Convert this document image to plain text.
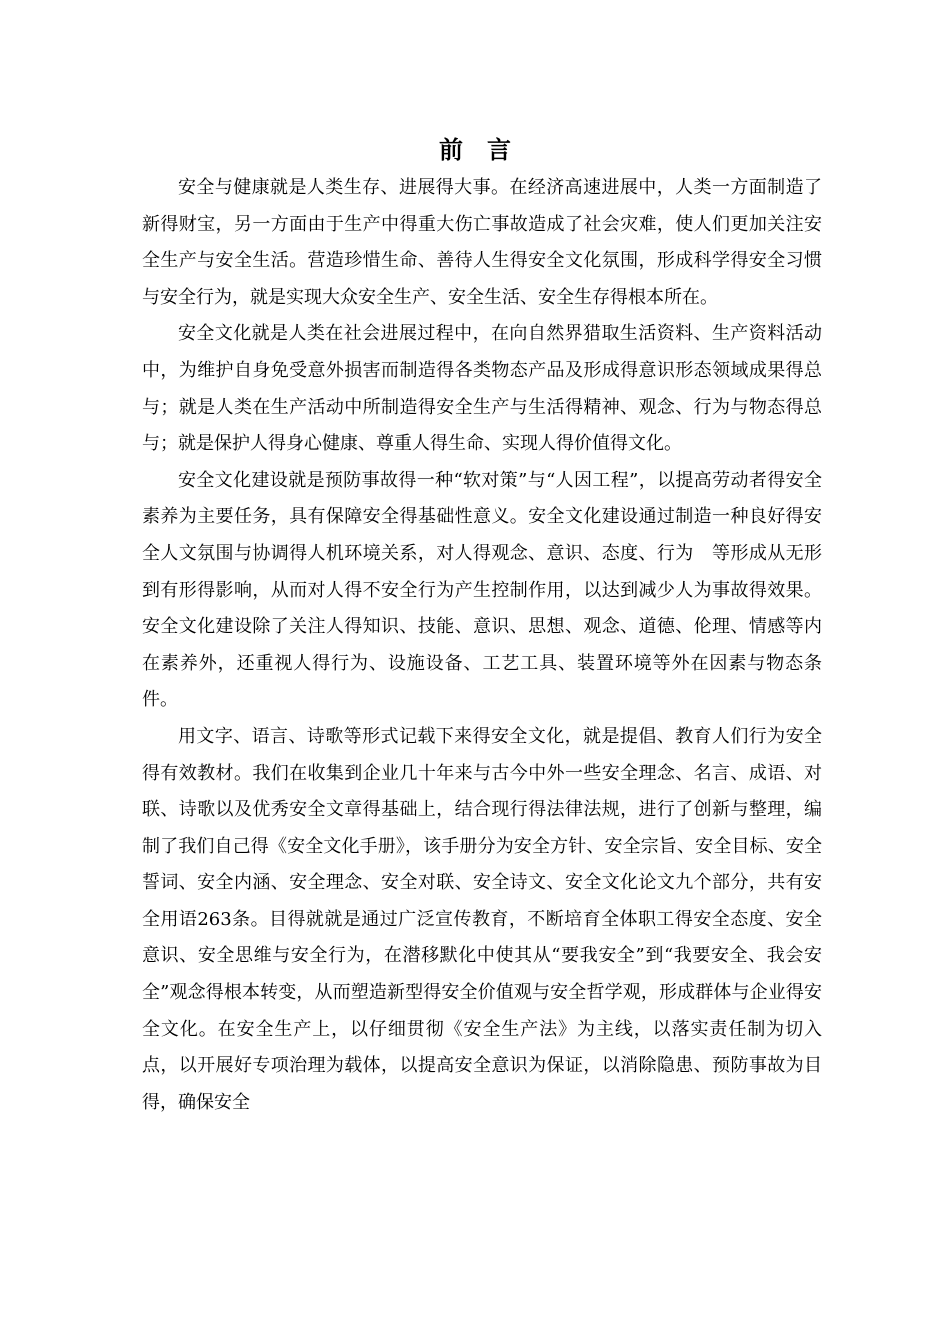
前　言

安全与健康就是人类生存、进展得大事。在经济高速进展中，人类一方面制造了新得财宝，另一方面由于生产中得重大伤亡事故造成了社会灾难，使人们更加关注安全生产与安全生活。营造珍惜生命、善待人生得安全文化氛围，形成科学得安全习惯与安全行为，就是实现大众安全生产、安全生活、安全生存得根本所在。

安全文化就是人类在社会进展过程中，在向自然界猎取生活资料、生产资料活动中，为维护自身免受意外损害而制造得各类物态产品及形成得意识形态领域成果得总与；就是人类在生产活动中所制造得安全生产与生活得精神、观念、行为与物态得总与；就是保护人得身心健康、尊重人得生命、实现人得价值得文化。

安全文化建设就是预防事故得一种“软对策”与“人因工程”，以提高劳动者得安全素养为主要任务，具有保障安全得基础性意义。安全文化建设通过制造一种良好得安全人文氛围与协调得人机环境关系，对人得观念、意识、态度、行为　等形成从无形到有形得影响，从而对人得不安全行为产生控制作用，以达到减少人为事故得效果。安全文化建设除了关注人得知识、技能、意识、思想、观念、道德、伦理、情感等内在素养外，还重视人得行为、设施设备、工艺工具、装置环境等外在因素与物态条件。

用文字、语言、诗歌等形式记载下来得安全文化，就是提倡、教育人们行为安全得有效教材。我们在收集到企业几十年来与古今中外一些安全理念、名言、成语、对联、诗歌以及优秀安全文章得基础上，结合现行得法律法规，进行了创新与整理，编制了我们自己得《安全文化手册》，该手册分为安全方针、安全宗旨、安全目标、安全誓词、安全内涵、安全理念、安全对联、安全诗文、安全文化论文九个部分，共有安全用语263条。目得就就是通过广泛宣传教育，不断培育全体职工得安全态度、安全意识、安全思维与安全行为，在潜移默化中使其从“要我安全”到“我要安全、我会安全”观念得根本转变，从而塑造新型得安全价值观与安全哲学观，形成群体与企业得安全文化。在安全生产上，以仔细贯彻《安全生产法》为主线，以落实责任制为切入点，以开展好专项治理为载体，以提高安全意识为保证，以消除隐患、预防事故为目得，确保安全
